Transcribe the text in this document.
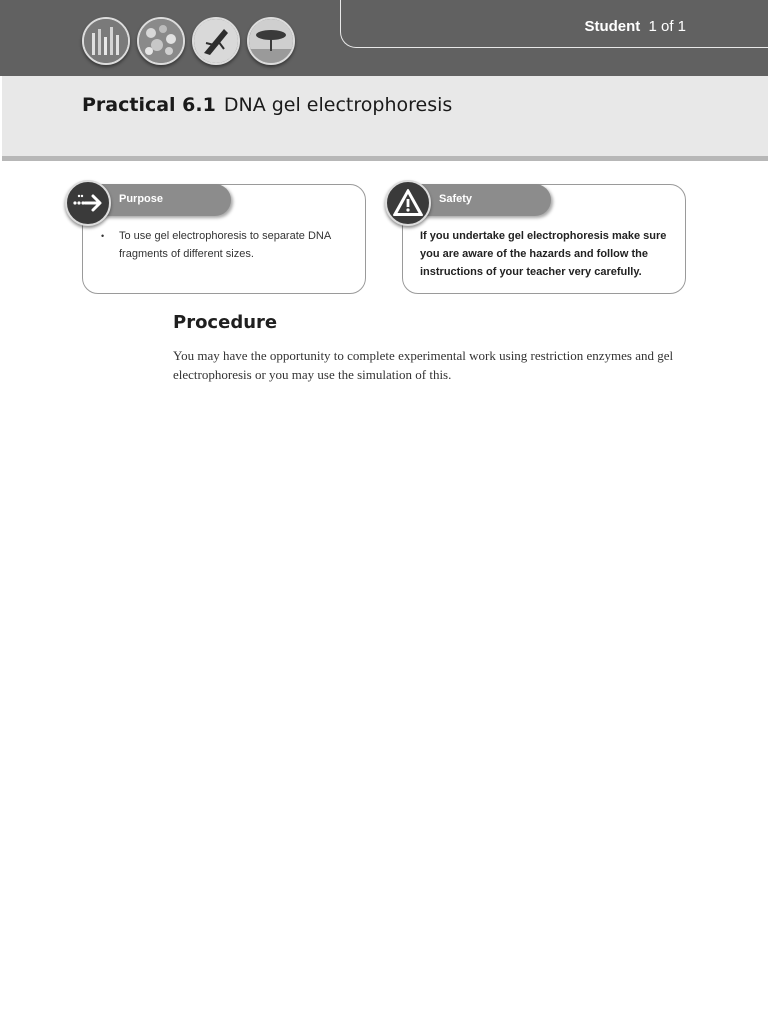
Student 1 of 1
Practical 6.1 DNA gel electrophoresis
Purpose
• To use gel electrophoresis to separate DNA fragments of different sizes.
Safety
If you undertake gel electrophoresis make sure you are aware of the hazards and follow the instructions of your teacher very carefully.
Procedure
You may have the opportunity to complete experimental work using restriction enzymes and gel electrophoresis or you may use the simulation of this.
